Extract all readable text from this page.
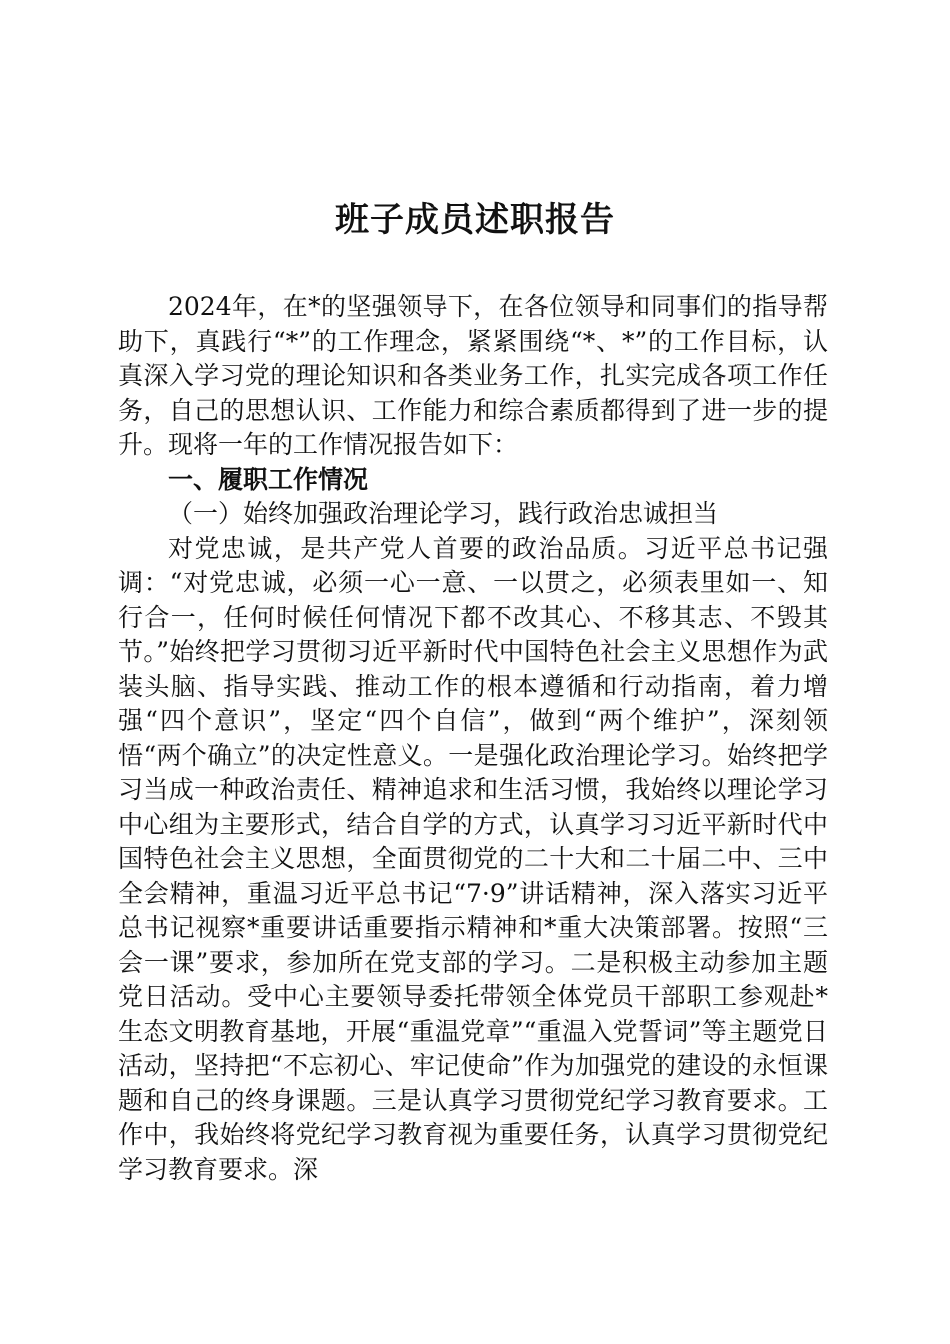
班子成员述职报告

2024年，在*的坚强领导下，在各位领导和同事们的指导帮助下，真践行“*”的工作理念，紧紧围绕“*、*”的工作目标，认真深入学习党的理论知识和各类业务工作，扎实完成各项工作任务，自己的思想认识、工作能力和综合素质都得到了进一步的提升。现将一年的工作情况报告如下：

一、履职工作情况

（一）始终加强政治理论学习，践行政治忠诚担当

对党忠诚，是共产党人首要的政治品质。习近平总书记强调：“对党忠诚，必须一心一意、一以贯之，必须表里如一、知行合一，任何时候任何情况下都不改其心、不移其志、不毁其节。”始终把学习贯彻习近平新时代中国特色社会主义思想作为武装头脑、指导实践、推动工作的根本遵循和行动指南，着力增强“四个意识”，坚定“四个自信”，做到“两个维护”，深刻领悟“两个确立”的决定性意义。一是强化政治理论学习。始终把学习当成一种政治责任、精神追求和生活习惯，我始终以理论学习中心组为主要形式，结合自学的方式，认真学习习近平新时代中国特色社会主义思想，全面贯彻党的二十大和二十届二中、三中全会精神，重温习近平总书记“7·9”讲话精神，深入落实习近平总书记视察*重要讲话重要指示精神和*重大决策部署。按照“三会一课”要求，参加所在党支部的学习。二是积极主动参加主题党日活动。受中心主要领导委托带领全体党员干部职工参观赴*生态文明教育基地，开展“重温党章”“重温入党誓词”等主题党日活动，坚持把“不忘初心、牢记使命”作为加强党的建设的永恒课题和自己的终身课题。三是认真学习贯彻党纪学习教育要求。工作中，我始终将党纪学习教育视为重要任务，认真学习贯彻党纪学习教育要求。深
